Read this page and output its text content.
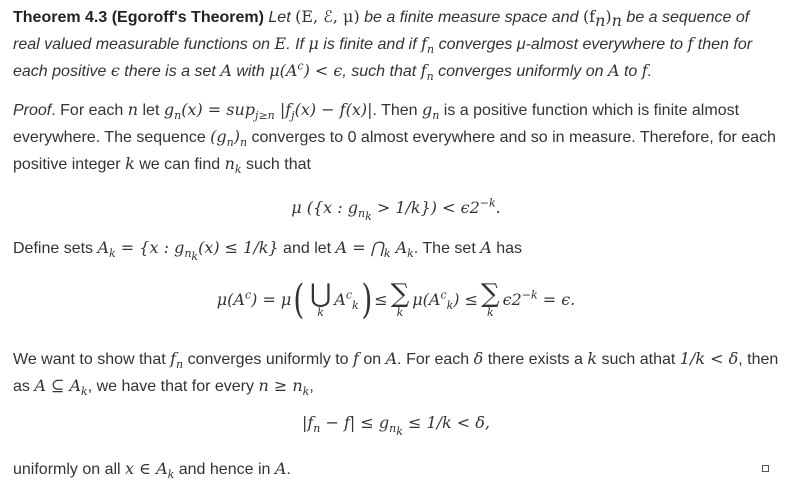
Theorem 4.3 (Egoroff's Theorem) Let (E, ℰ, μ) be a finite measure space and $(f_n)_n$ be a sequence of real valued measurable functions on E. If μ is finite and if $f_n$ converges μ-almost everywhere to f then for each positive ϵ there is a set A with $\mu(A^c) < \epsilon$, such that $f_n$ converges uniformly on A to f.

Proof. For each n let $g_n(x) = sup_{j\ge n}$ $|f_j(x) - f(x)|$. Then $g_n$ is a positive function which is finite almost everywhere. The sequence $(g_n)_n$ converges to 0 almost everywhere and so in measure. Therefore, for each positive integer k we can find $n_k$ such that

μ ({x : $g_{n_k} > 1/k\}) < \epsilon 2^{-k}$.

Define sets $A_k = \{x$ : $g_{n_k}(x) \le 1/k$} and let $A = ⋂_k$ $A_k$. The set A has

$\mu(A^c) = \mu$ ( ⋃
k
$A^c_k$ ) ≤ ∑
k
$\mu(A^c_k)$ ≤ ∑
k
$\epsilon 2^{-k} = \epsilon$.

We want to show that $f_n$ converges uniformly to f on A. For each δ there exists a k such athat 1/k < δ, then as A ⊆ $A_k$, we have that for every $n \ge n_k$,

$|f_n - f| \le g_{n_k} \le 1/k < \delta$,

uniformly on all x ∈ $A_k$ and hence in A.
